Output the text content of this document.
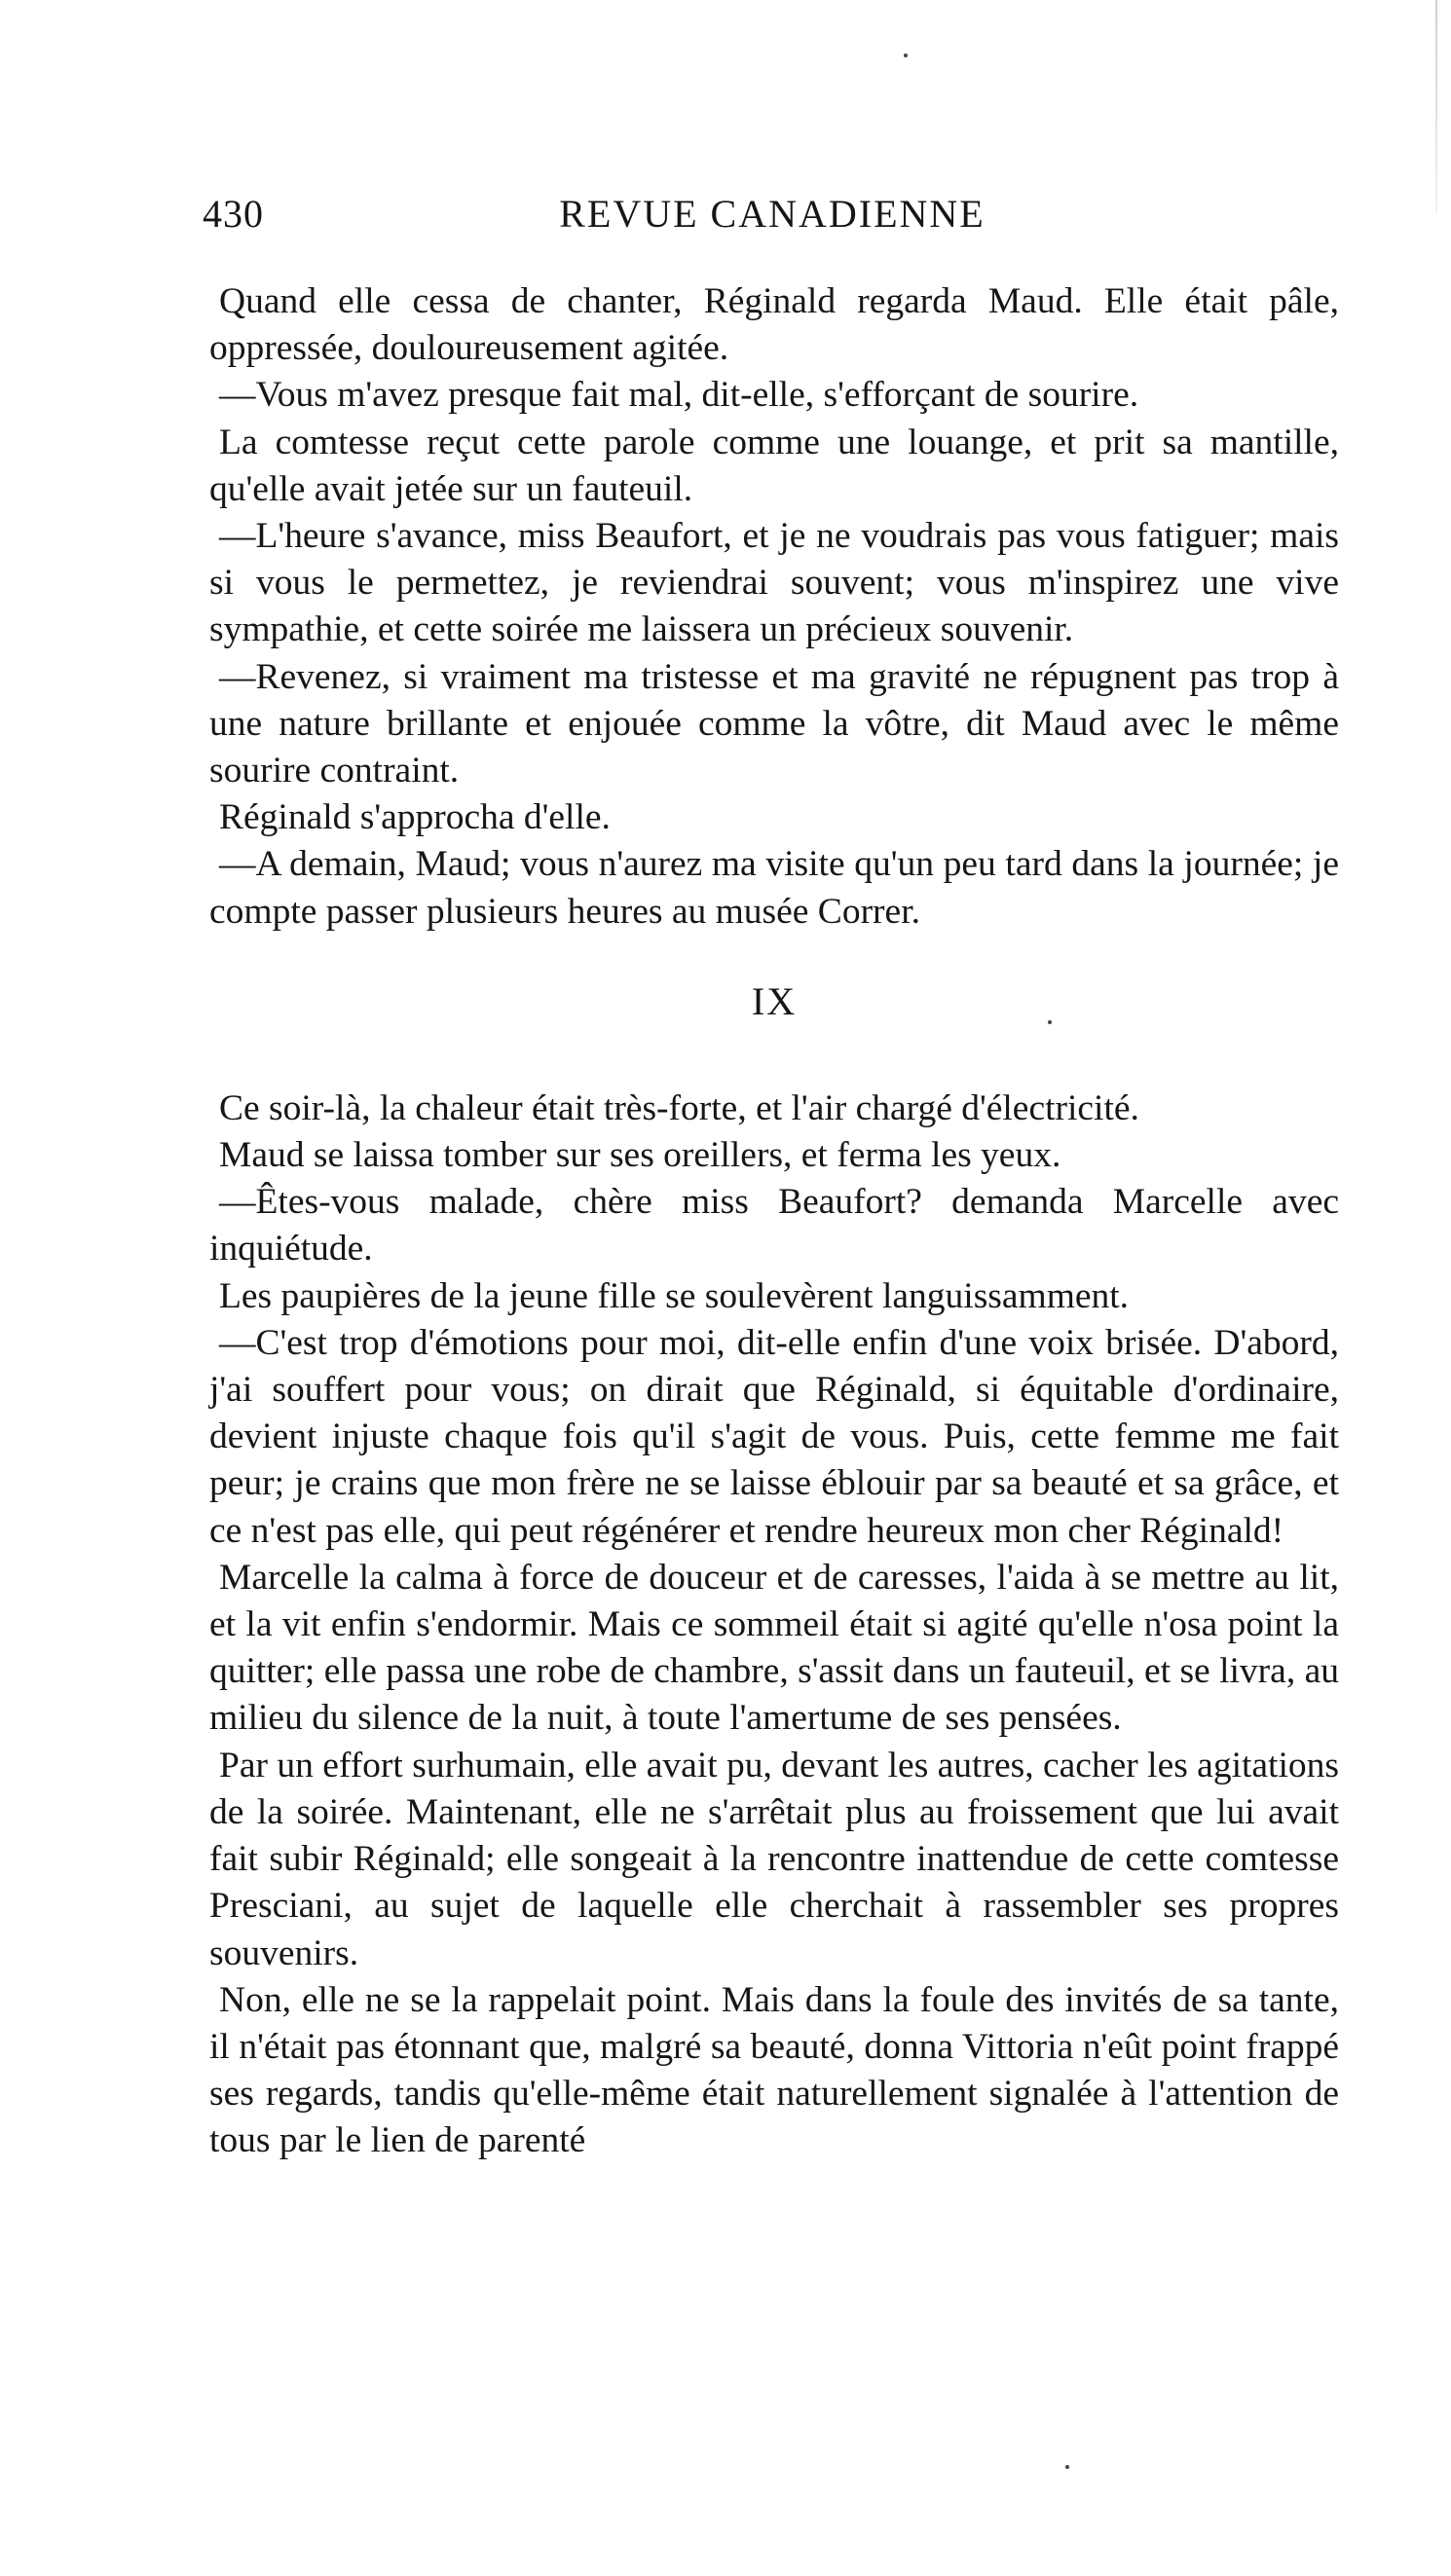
430	REVUE CANADIENNE

Quand elle cessa de chanter, Réginald regarda Maud. Elle était pâle, oppressée, douloureusement agitée.

—Vous m'avez presque fait mal, dit-elle, s'efforçant de sourire.

La comtesse reçut cette parole comme une louange, et prit sa mantille, qu'elle avait jetée sur un fauteuil.

—L'heure s'avance, miss Beaufort, et je ne voudrais pas vous fatiguer; mais si vous le permettez, je reviendrai souvent; vous m'inspirez une vive sympathie, et cette soirée me laissera un précieux souvenir.

—Revenez, si vraiment ma tristesse et ma gravité ne répugnent pas trop à une nature brillante et enjouée comme la vôtre, dit Maud avec le même sourire contraint.

Réginald s'approcha d'elle.

—A demain, Maud; vous n'aurez ma visite qu'un peu tard dans la journée; je compte passer plusieurs heures au musée Correr.

IX

Ce soir-là, la chaleur était très-forte, et l'air chargé d'électricité.

Maud se laissa tomber sur ses oreillers, et ferma les yeux.

—Êtes-vous malade, chère miss Beaufort? demanda Marcelle avec inquiétude.

Les paupières de la jeune fille se soulevèrent languissamment.

—C'est trop d'émotions pour moi, dit-elle enfin d'une voix brisée. D'abord, j'ai souffert pour vous; on dirait que Réginald, si équitable d'ordinaire, devient injuste chaque fois qu'il s'agit de vous. Puis, cette femme me fait peur; je crains que mon frère ne se laisse éblouir par sa beauté et sa grâce, et ce n'est pas elle, qui peut régénérer et rendre heureux mon cher Réginald!

Marcelle la calma à force de douceur et de caresses, l'aida à se mettre au lit, et la vit enfin s'endormir. Mais ce sommeil était si agité qu'elle n'osa point la quitter; elle passa une robe de chambre, s'assit dans un fauteuil, et se livra, au milieu du silence de la nuit, à toute l'amertume de ses pensées.

Par un effort surhumain, elle avait pu, devant les autres, cacher les agitations de la soirée. Maintenant, elle ne s'arrêtait plus au froissement que lui avait fait subir Réginald; elle songeait à la rencontre inattendue de cette comtesse Presciani, au sujet de laquelle elle cherchait à rassembler ses propres souvenirs.

Non, elle ne se la rappelait point. Mais dans la foule des invités de sa tante, il n'était pas étonnant que, malgré sa beauté, donna Vittoria n'eût point frappé ses regards, tandis qu'elle-même était naturellement signalée à l'attention de tous par le lien de parenté
